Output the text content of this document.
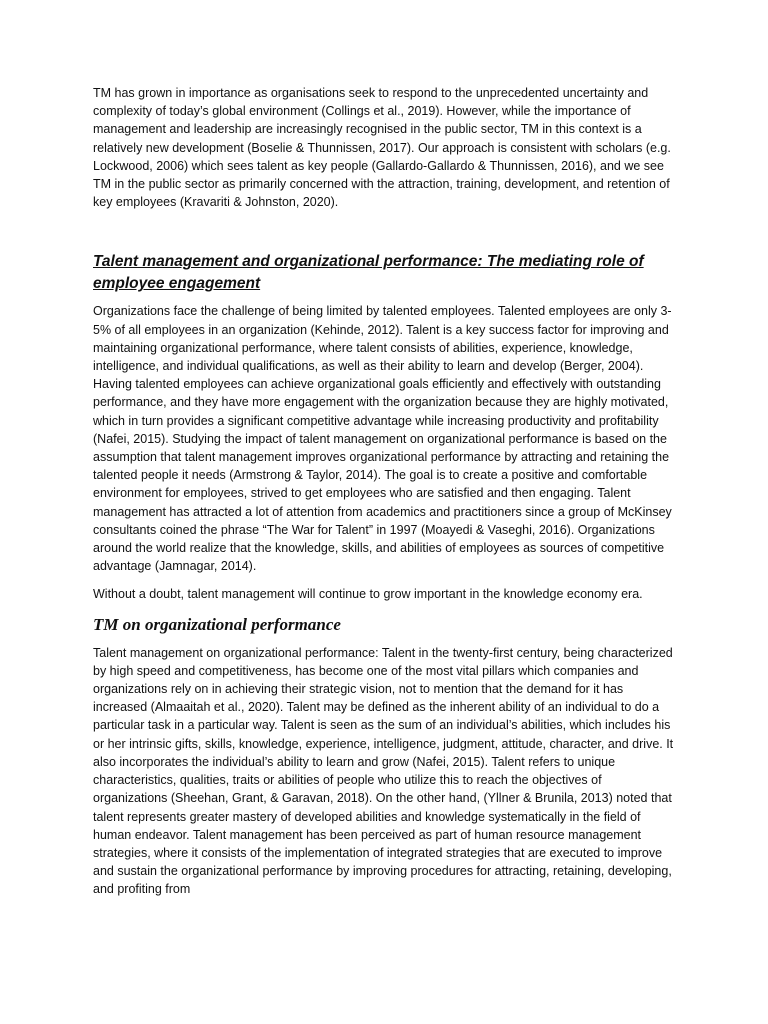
TM has grown in importance as organisations seek to respond to the unprecedented uncertainty and complexity of today’s global environment (Collings et al., 2019). However, while the importance of management and leadership are increasingly recognised in the public sector, TM in this context is a relatively new development (Boselie & Thunnissen, 2017). Our approach is consistent with scholars (e.g. Lockwood, 2006) which sees talent as key people (Gallardo-Gallardo & Thunnissen, 2016), and we see TM in the public sector as primarily concerned with the attraction, training, development, and retention of key employees (Kravariti & Johnston, 2020).

Talent management and organizational performance: The mediating role of employee engagement

Organizations face the challenge of being limited by talented employees. Talented employees are only 3-5% of all employees in an organization (Kehinde, 2012). Talent is a key success factor for improving and maintaining organizational performance, where talent consists of abilities, experience, knowledge, intelligence, and individual qualifications, as well as their ability to learn and develop (Berger, 2004). Having talented employees can achieve organizational goals efficiently and effectively with outstanding performance, and they have more engagement with the organization because they are highly motivated, which in turn provides a significant competitive advantage while increasing productivity and profitability (Nafei, 2015). Studying the impact of talent management on organizational performance is based on the assumption that talent management improves organizational performance by attracting and retaining the talented people it needs (Armstrong & Taylor, 2014). The goal is to create a positive and comfortable environment for employees, strived to get employees who are satisfied and then engaging. Talent management has attracted a lot of attention from academics and practitioners since a group of McKinsey consultants coined the phrase “The War for Talent” in 1997 (Moayedi & Vaseghi, 2016). Organizations around the world realize that the knowledge, skills, and abilities of employees as sources of competitive advantage (Jamnagar, 2014).

Without a doubt, talent management will continue to grow important in the knowledge economy era.

TM on organizational performance

Talent management on organizational performance: Talent in the twenty-first century, being characterized by high speed and competitiveness, has become one of the most vital pillars which companies and organizations rely on in achieving their strategic vision, not to mention that the demand for it has increased (Almaaitah et al., 2020). Talent may be defined as the inherent ability of an individual to do a particular task in a particular way. Talent is seen as the sum of an individual’s abilities, which includes his or her intrinsic gifts, skills, knowledge, experience, intelligence, judgment, attitude, character, and drive. It also incorporates the individual’s ability to learn and grow (Nafei, 2015). Talent refers to unique characteristics, qualities, traits or abilities of people who utilize this to reach the objectives of organizations (Sheehan, Grant, & Garavan, 2018). On the other hand, (Yllner & Brunila, 2013) noted that talent represents greater mastery of developed abilities and knowledge systematically in the field of human endeavor. Talent management has been perceived as part of human resource management strategies, where it consists of the implementation of integrated strategies that are executed to improve and sustain the organizational performance by improving procedures for attracting, retaining, developing, and profiting from
